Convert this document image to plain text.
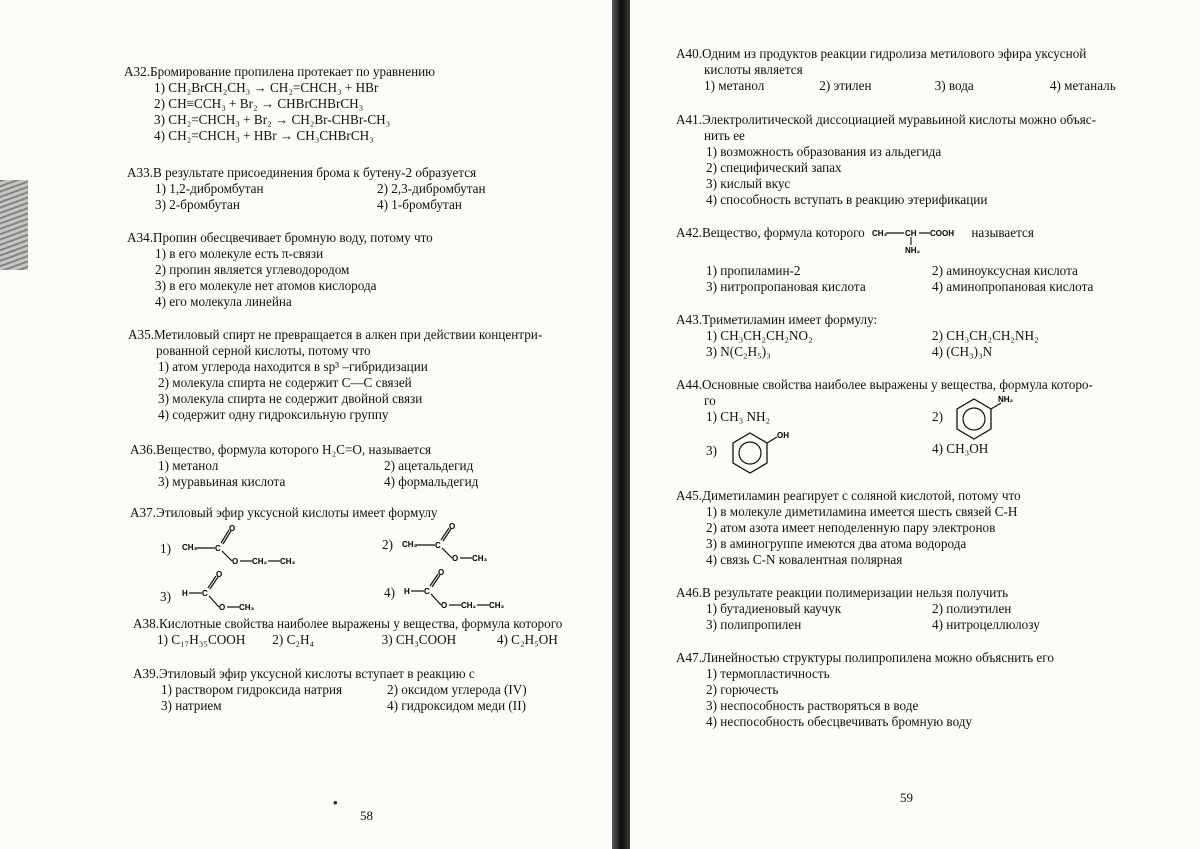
A32.Бромирование пропилена протекает по уравнению
1) CH₂BrCH₂CH₃ → CH₂=CHCH₃ + HBr
2) CH≡CCH₃ + Br₂ → CHBrCHBrCH₃
3) CH₂=CHCH₃ + Br₂ → CH₂Br-CHBr-CH₃
4) CH₂=CHCH₃ + HBr → CH₃CHBrCH₃
A33.В результате присоединения брома к бутену-2 образуется
1) 1,2-дибромбутан	2) 2,3-дибромбутан
3) 2-бромбутан	4) 1-бромбутан
A34.Пропин обесцвечивает бромную воду, потому что
1) в его молекуле есть π-связи
2) пропин является углеводородом
3) в его молекуле нет атомов кислорода
4) его молекула линейна
A35.Метиловый спирт не превращается в алкен при действии концентри-
рованной серной кислоты, потому что
1) атом углерода находится в sp³ –гибридизации
2) молекула спирта не содержит C—C связей
3) молекула спирта не содержит двойной связи
4) содержит одну гидроксильную группу
A36.Вещество, формула которого H₂C=O, называется
1) метанол	2) ацетальдегид
3) муравьиная кислота	4) формальдегид
A37.Этиловый эфир уксусной кислоты имеет формулу
1) CH₃ C
O
O CH₂ CH₃
2) CH₃ C
O
O CH₃
3) H C
O
O CH₃
4) H C
O
O CH₂ CH₃
A38.Кислотные свойства наиболее выражены у вещества, формула которого
1) C₁₇H₃₅COOH 2) C₂H₄	3) CH₃COOH	4) C₂H₅OH
A39.Этиловый эфир уксусной кислоты вступает в реакцию с
1) раствором гидроксида натрия	2) оксидом углерода (IV)
3) натрием	4) гидроксидом меди (II)
•
58
A40.Одним из продуктов реакции гидролиза метилового эфира уксусной
кислоты является
1) метанол	2) этилен	3) вода	4) метаналь
A41.Электролитической диссоциацией муравьиной кислоты можно объяс-
нить ее
1) возможность образования из альдегида
2) специфический запах
3) кислый вкус
4) способность вступать в реакцию этерификации
A42.Вещество, формула которого CH₃ CH COOH
NH₂
называется
1) пропиламин-2	2) аминоуксусная кислота
3) нитропропановая кислота	4) аминопропановая кислота
A43.Триметиламин имеет формулу:
1) CH₃CH₂CH₂NO₂	2) CH₃CH₂CH₂NH₂
3) N(C₂H₅)₃	4) (CH₃)₃N
A44.Основные свойства наиболее выражены у вещества, формула которо-
го
1) CH₃ NH₂	2)
NH₂
3)
OH
4) CH₃OH
A45.Диметиламин реагирует с соляной кислотой, потому что
1) в молекуле диметиламина имеется шесть связей C-H
2) атом азота имеет неподеленную пару электронов
3) в аминогруппе имеются два атома водорода
4) связь C-N ковалентная полярная
A46.В результате реакции полимеризации нельзя получить
1) бутадиеновый каучук	2) полиэтилен
3) полипропилен	4) нитроцеллюлозу
A47.Линейностью структуры полипропилена можно объяснить его
1) термопластичность
2) горючесть
3) неспособность растворяться в воде
4) неспособность обесцвечивать бромную воду
59
